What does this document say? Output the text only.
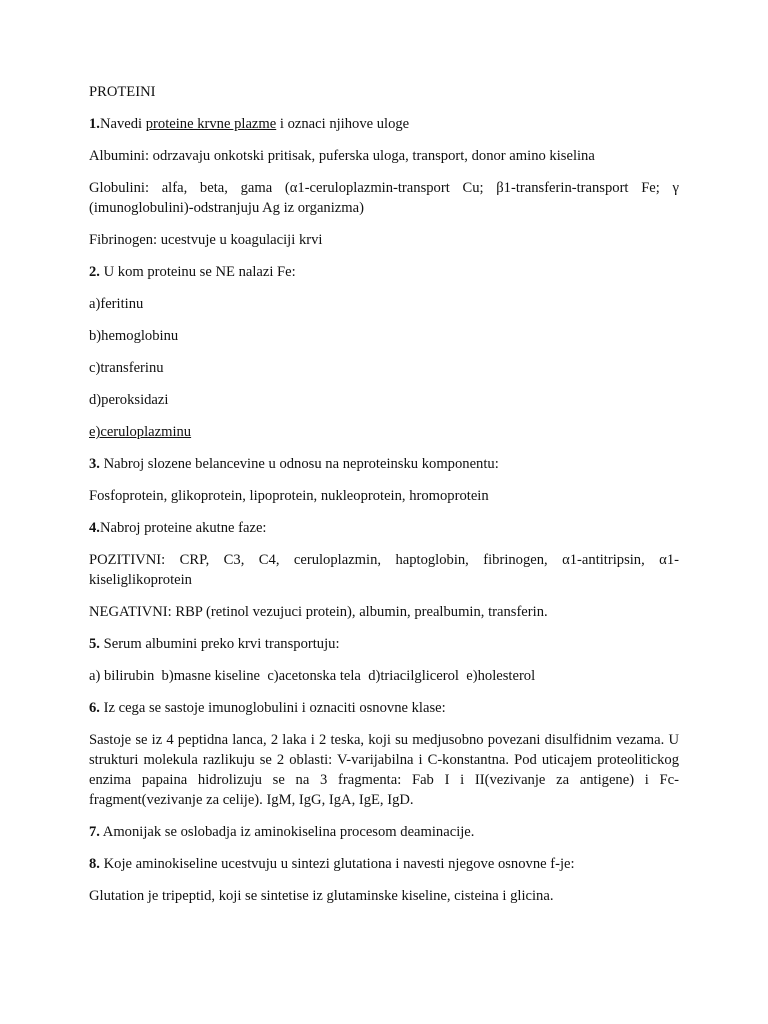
PROTEINI
1.Navedi proteine krvne plazme i oznaci njihove uloge
Albumini: odrzavaju onkotski pritisak, puferska uloga, transport, donor amino kiselina
Globulini: alfa, beta, gama (α1-ceruloplazmin-transport Cu; β1-transferin-transport Fe; γ (imunoglobulini)-odstranjuju Ag iz organizma)
Fibrinogen: ucestvuje u koagulaciji krvi
2. U kom proteinu se NE nalazi Fe:
a)feritinu
b)hemoglobinu
c)transferinu
d)peroksidazi
e)ceruloplazminu
3. Nabroj slozene belancevine u odnosu na neproteinsku komponentu:
Fosfoprotein, glikoprotein, lipoprotein, nukleoprotein, hromoprotein
4.Nabroj proteine akutne faze:
POZITIVNI: CRP, C3, C4, ceruloplazmin, haptoglobin, fibrinogen, α1-antitripsin, α1-kiseliglikoprotein
NEGATIVNI: RBP (retinol vezujuci protein), albumin, prealbumin, transferin.
5. Serum albumini preko krvi transportuju:
a) bilirubin  b)masne kiseline  c)acetonska tela  d)triacilglicerol  e)holesterol
6. Iz cega se sastoje imunoglobulini i oznaciti osnovne klase:
Sastoje se iz 4 peptidna lanca, 2 laka i 2 teska, koji su medjusobno povezani disulfidnim vezama. U strukturi molekula razlikuju se 2 oblasti: V-varijabilna i C-konstantna. Pod uticajem proteolitickog enzima papaina hidrolizuju se na 3 fragmenta: Fab I i II(vezivanje za antigene) i Fc-fragment(vezivanje za celije). IgM, IgG, IgA, IgE, IgD.
7. Amonijak se oslobadja iz aminokiselina procesom deaminacije.
8. Koje aminokiseline ucestvuju u sintezi glutationa i navesti njegove osnovne f-je:
Glutation je tripeptid, koji se sintetise iz glutaminske kiseline, cisteina i glicina.
